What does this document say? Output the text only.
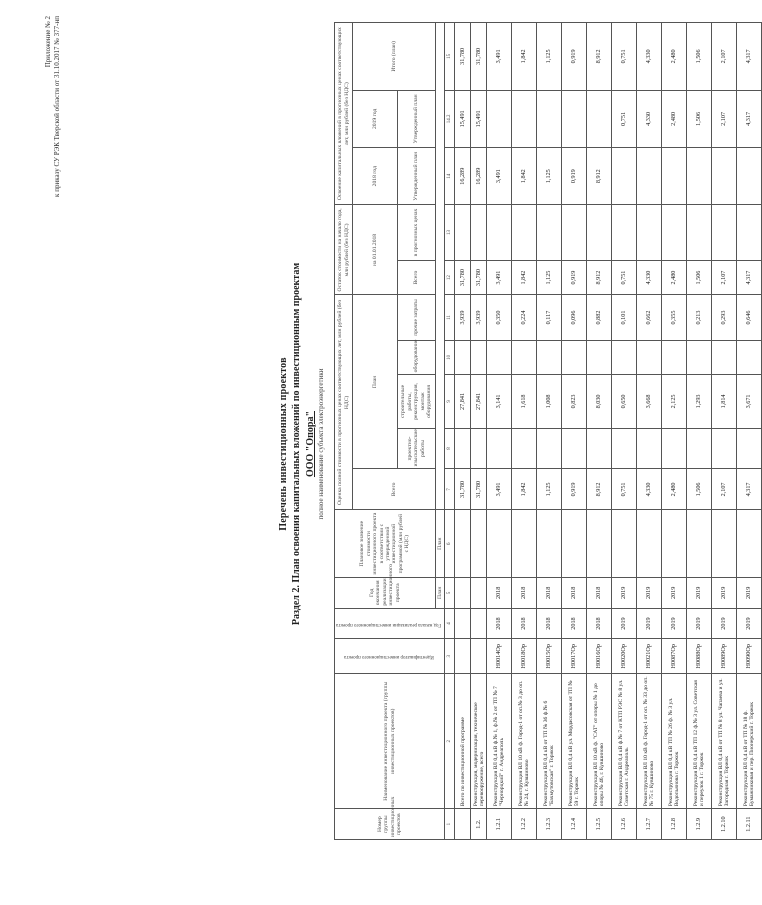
Приложение № 2 к приказу СУ РЭК Тверской области от 31.10.2017 № 377-нп
Перечень инвестиционных проектов Раздел 2. План освоения капитальных вложений по инвестиционным проектам ООО "Опора" полное наименование субъекта электроэнергетики
Номер группы инвестиционных проектов	Наименование инвестиционного проекта (группы инвестиционных проектов)	Идентификатор инвестиционного проекта	Год начала реализации инвестиционного проекта	Год окончания реализации инвестиционного проекта	Плановое значение стоимости инвестиционного проекта в соответствии с утвержденной инвестиционной программой (млн рублей с НДС)	Оценка полной стоимости в прогнозных ценах соответствующих лет, млн рублей (без НДС)					Остаток стоимости на начало года, млн рублей (без НДС)		Освоение капитальных вложений в прогнозных ценах соответствующих лет, млн рублей (без НДС)		
						Всего	План				на 01.01.2018		2018 год	2019 год	Итого (план)
							проектно-изыскательские работы	строительные работы, реконструкция, монтаж оборудования	оборудование	прочие затраты	Всего	в прогнозных ценах	Утвержденный план	Утвержденный план	
				План	План										
1	2	3	4	5	6	7	8	9	10	11	12	13	14	14.2	15
	Всего по инвестиционной программе					31,780		27,841		3,939	31,780		16,289	15,491	31,780
1.2.	Реконструкция, модернизация, техническое перевооружение, всего					31,780		27,841		3,939	31,780		16,289	15,491	31,780
1.2.1	Реконструкция ВЛ 0,4 кВ ф.№ 1, ф.№ 2 от ТП № 7 "Чернорцкий" г. Андреаполь	H0014Op	2018	2018		3,491		3,141		0,350	3,491		3,491		3,491
1.2.2	Реконструкция ВЛ 10 кВ ф. Город-1 от оп.№ 3 до оп.№ 24, г. Кувшиново	H0018Op	2018	2018		1,842		1,618		0,224	1,842		1,842		1,842
1.2.3	Реконструкция ВЛ 0,4 кВ от ТП № 36 ф.№ 6 "Бахмутовская" г. Торжок	H0015Op	2018	2018		1,125		1,008		0,117	1,125		1,125		1,125
1.2.4	Реконструкция ВЛ 0,4 кВ ул. Мордасовская от ТП № 59 г. Торжок	H0017Op	2018	2018		0,919		0,823		0,096	0,919		0,919		0,919
1.2.5	Реконструкция ВЛ 10 кВ ф. "САТ" от опоры № 1 до опоры № 46, г. Кувшиново	H0016Op	2018	2018		8,912		8,030		0,882	8,912		8,912		8,912
1.2.6	Реконструкция ВЛ 0,4 кВ ф.№ 7 от КТП РЭС № 8 ул. Советская г. Андреаполь	H0020Op	2019	2019		0,751		0,650		0,101	0,751			0,751	0,751
1.2.7	Реконструкция ВЛ 10 кВ ф. Город-1 от оп. № 33 до оп. № 75 г. Кувшиново	H0021Op	2019	2019		4,330		3,668		0,662	4,330			4,330	4,330
1.2.8	Реконструкция ВЛ 0,4 кВ ТП № 26 ф. № 3 ул. Водопьянова г. Торжок	H0087Op	2019	2019		2,480		2,125		0,355	2,480			2,480	2,480
1.2.9	Реконструкция ВЛ 0,4 кВ ТП 12 ф.№ 3 ул. Советская и переулок 1 г. Торжок	H0088Op	2019	2019		1,506		1,293		0,213	1,506			1,506	1,506
1.2.10	Реконструкция ВЛ 0,4 кВ от ТП № 8 ул. Чапаева и ул. Загородная г. Торжок	H0089Op	2019	2019		2,107		1,814		0,293	2,107			2,107	2,107
1.2.11	Реконструкция ВЛ 0,4 кВ от ТП № 18 ф. Бумажниковая и пер. Пионерский г. Торжок	H0090Op	2019	2019		4,317		3,671		0,646	4,317			4,317	4,317
